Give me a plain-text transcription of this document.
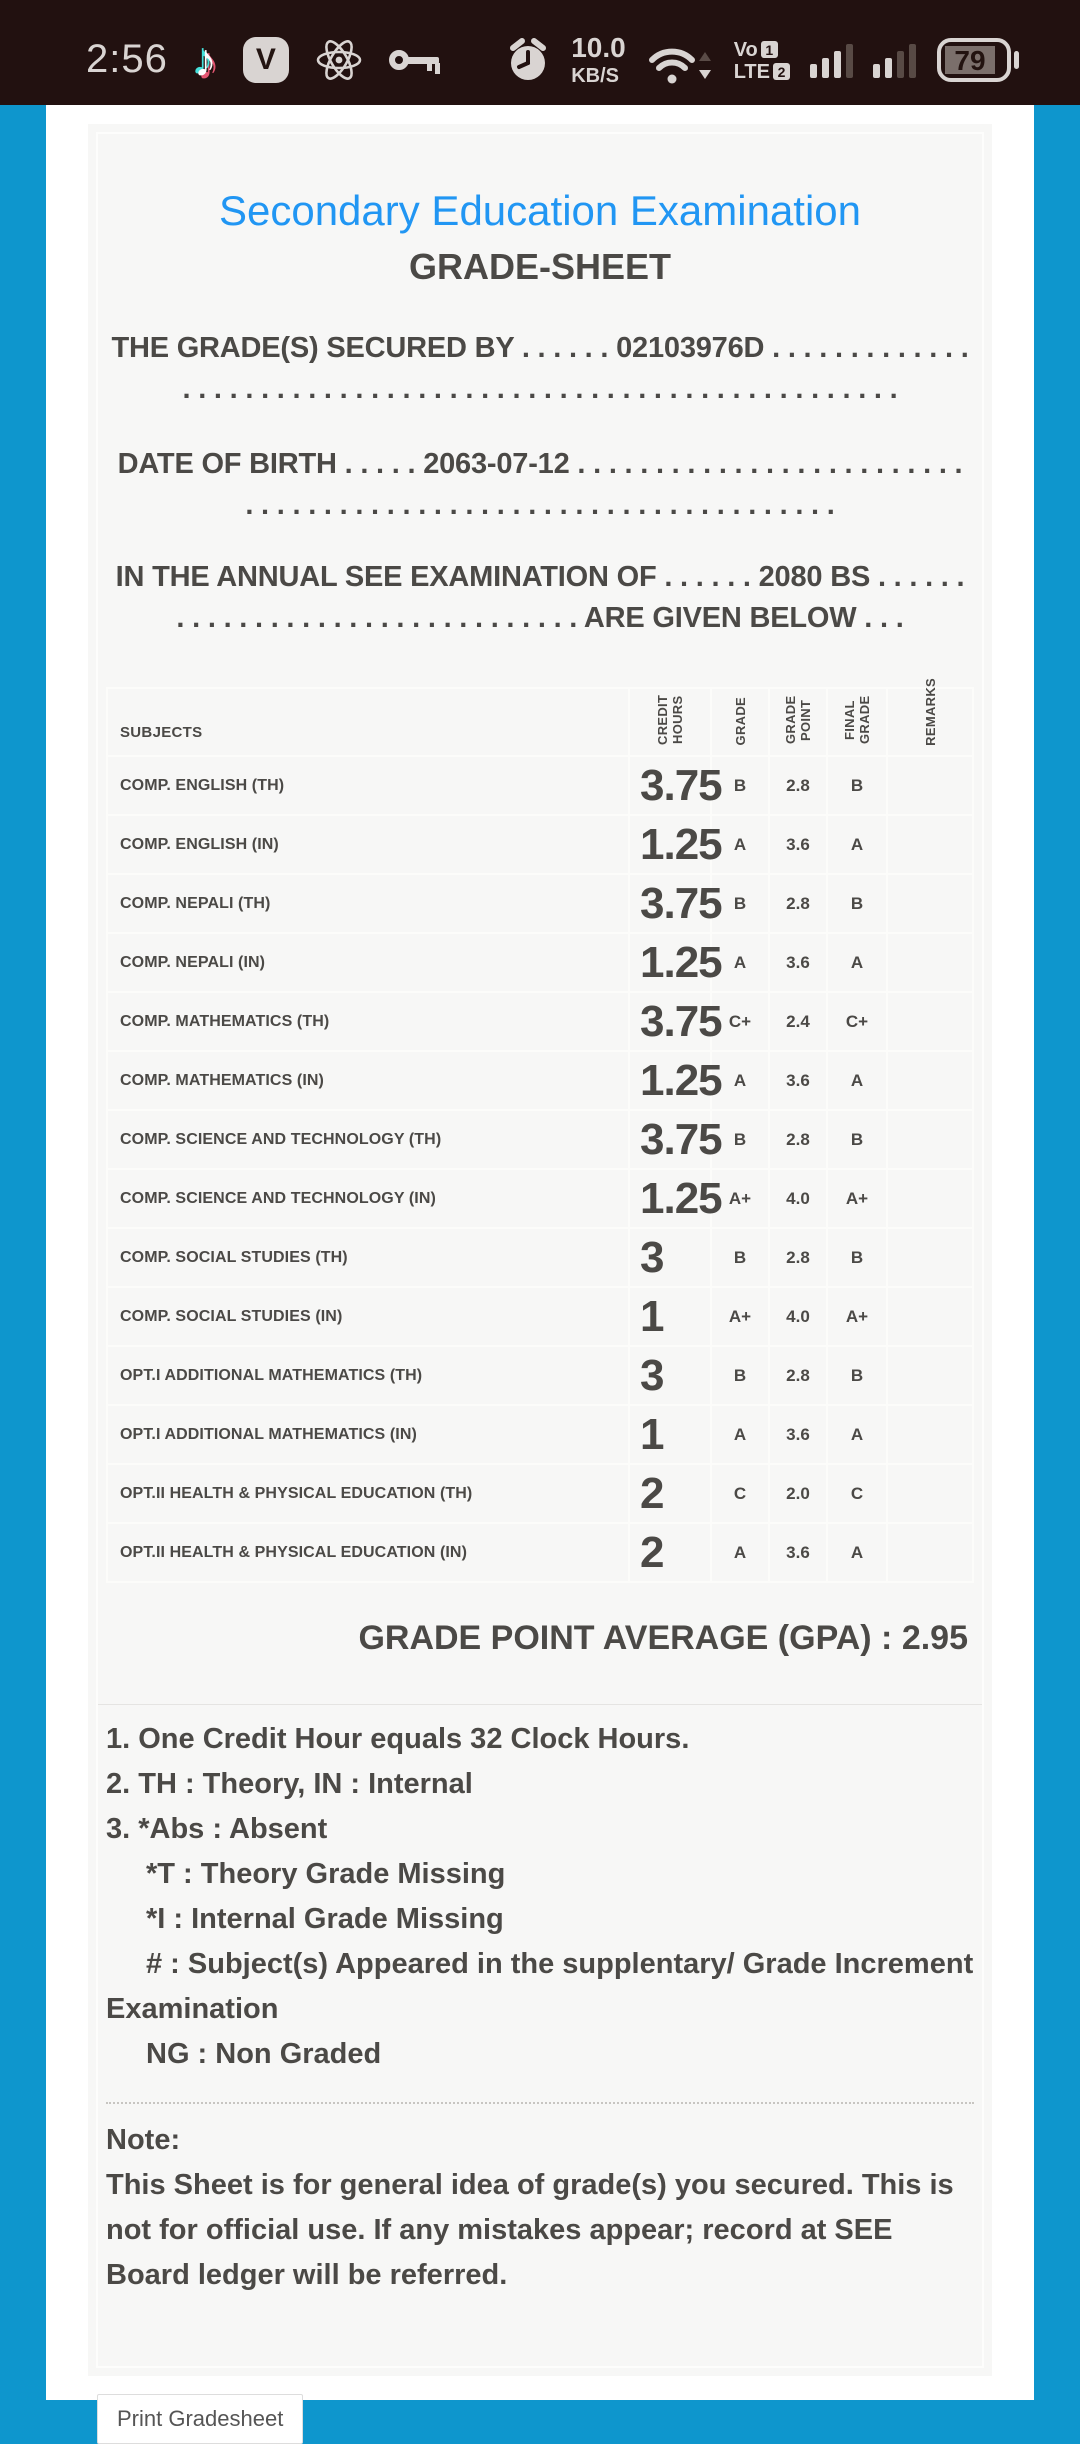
2:56 ♪ V	10.0
KB/S
Vo 1
LTE 2	79
Secondary Education Examination
GRADE-SHEET

THE GRADE(S) SECURED BY . . . . . . 02103976D . . . . . . . . . . . . . . . . . . . . . . . . . . . . . . . . . . . . . . . . . . . . . . . . . . . . . . . . . . .

DATE OF BIRTH . . . . . 2063-07-12 . . . . . . . . . . . . . . . . . . . . . . . . . . . . . . . . . . . . . . . . . . . . . . . . . . . . . . . . . . . . . . .

IN THE ANNUAL SEE EXAMINATION OF . . . . . . 2080 BS . . . . . . . . . . . . . . . . . . . . . . . . . . . . . . . . ARE GIVEN BELOW . . .

SUBJECTS	CREDIT HOURS	GRADE	GRADE POINT	FINAL GRADE	REMARKS

COMP. ENGLISH (TH)	3.75	B	2.8	B	
COMP. ENGLISH (IN)	1.25	A	3.6	A	
COMP. NEPALI (TH)	3.75	B	2.8	B	
COMP. NEPALI (IN)	1.25	A	3.6	A	
COMP. MATHEMATICS (TH)	3.75	C+	2.4	C+	
COMP. MATHEMATICS (IN)	1.25	A	3.6	A	
COMP. SCIENCE AND TECHNOLOGY (TH)	3.75	B	2.8	B	
COMP. SCIENCE AND TECHNOLOGY (IN)	1.25	A+	4.0	A+	
COMP. SOCIAL STUDIES (TH)	3	B	2.8	B	
COMP. SOCIAL STUDIES (IN)	1	A+	4.0	A+	
OPT.I ADDITIONAL MATHEMATICS (TH)	3	B	2.8	B	
OPT.I ADDITIONAL MATHEMATICS (IN)	1	A	3.6	A	
OPT.II HEALTH & PHYSICAL EDUCATION (TH)	2	C	2.0	C	
OPT.II HEALTH & PHYSICAL EDUCATION (IN)	2	A	3.6	A	
GRADE POINT AVERAGE (GPA) : 2.95
1. One Credit Hour equals 32 Clock Hours.
2. TH : Theory, IN : Internal
3. *Abs : Absent
*T : Theory Grade Missing
*I : Internal Grade Missing
# : Subject(s) Appeared in the supplentary/ Grade Increment Examination
NG : Non Graded
Note:
This Sheet is for general idea of grade(s) you secured. This is not for official use. If any mistakes appear; record at SEE Board ledger will be referred.
Print Gradesheet
